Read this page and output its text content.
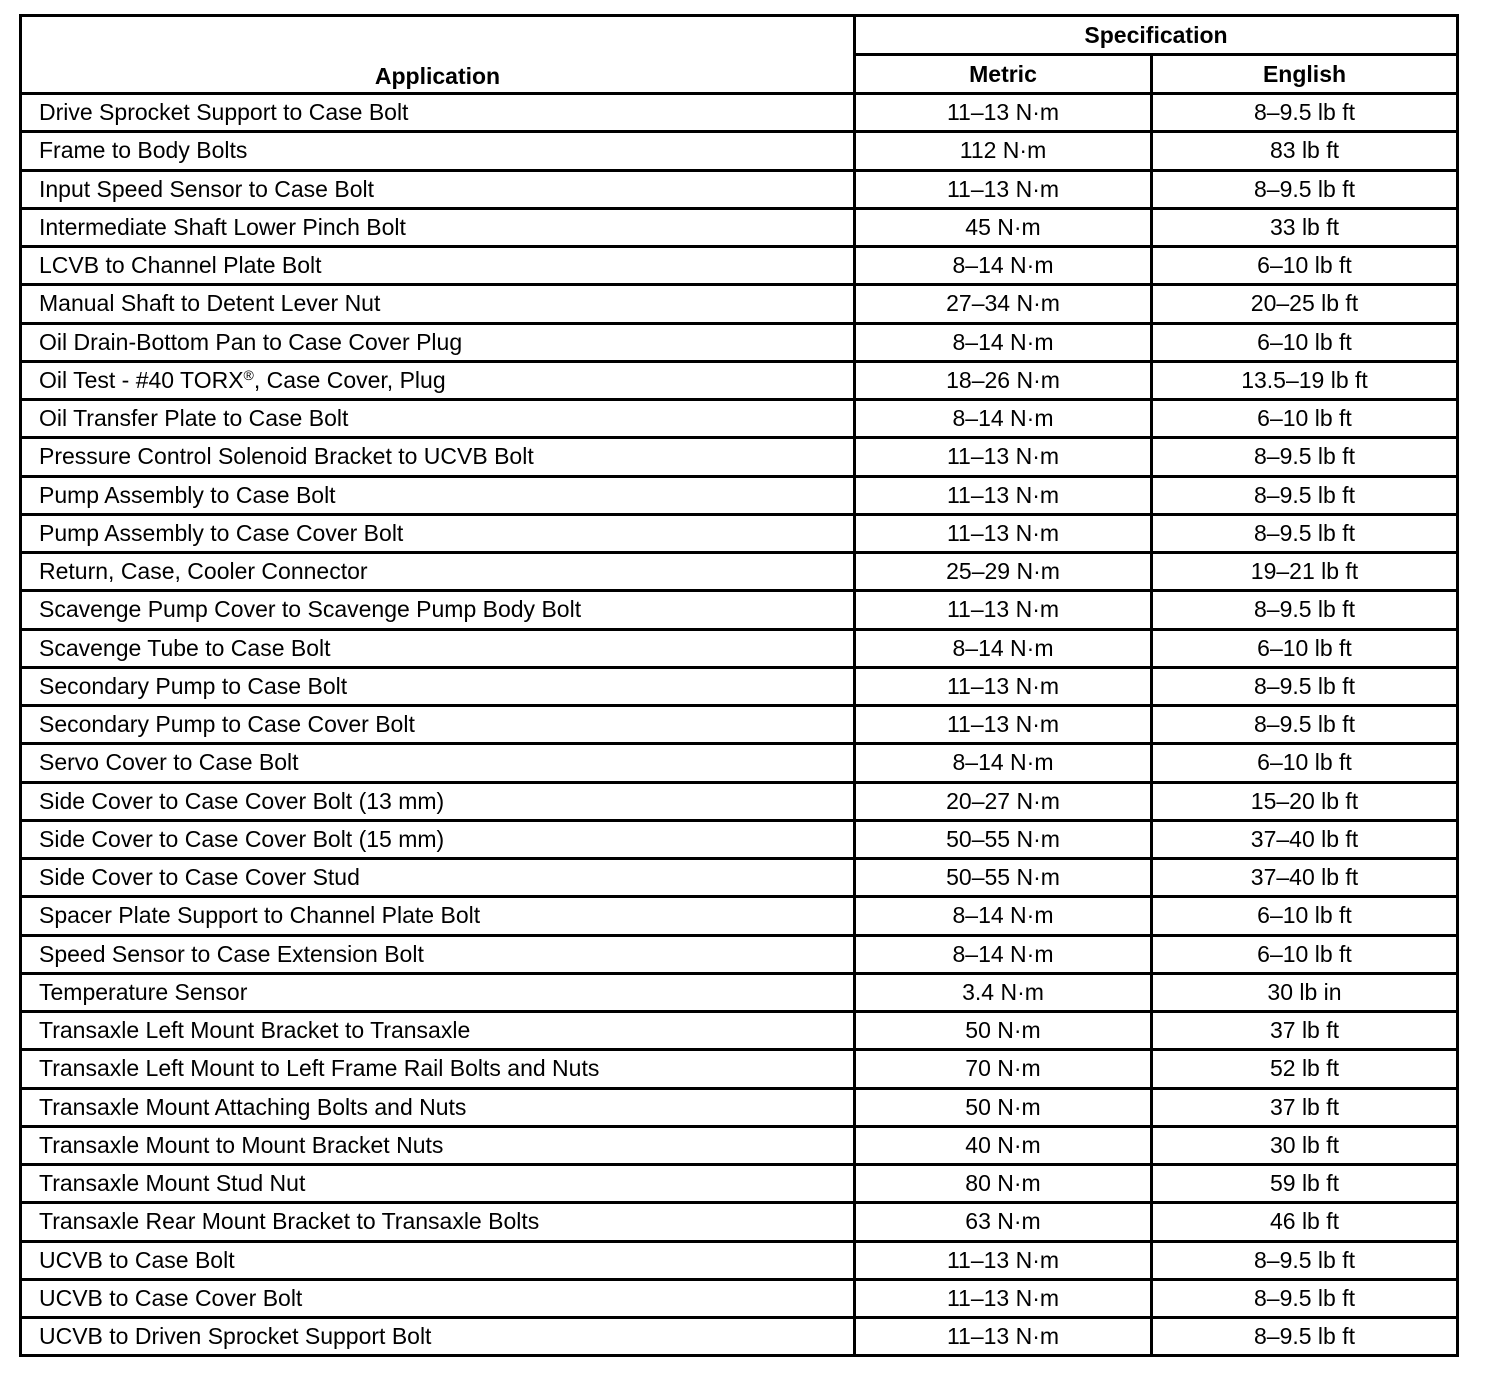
Application	Specification	
	Metric	English
Drive Sprocket Support to Case Bolt	11–13 N·m	8–9.5 lb ft
Frame to Body Bolts	112 N·m	83 lb ft
Input Speed Sensor to Case Bolt	11–13 N·m	8–9.5 lb ft
Intermediate Shaft Lower Pinch Bolt	45 N·m	33 lb ft
LCVB to Channel Plate Bolt	8–14 N·m	6–10 lb ft
Manual Shaft to Detent Lever Nut	27–34 N·m	20–25 lb ft
Oil Drain-Bottom Pan to Case Cover Plug	8–14 N·m	6–10 lb ft
Oil Test - #40 TORX®, Case Cover, Plug	18–26 N·m	13.5–19 lb ft
Oil Transfer Plate to Case Bolt	8–14 N·m	6–10 lb ft
Pressure Control Solenoid Bracket to UCVB Bolt	11–13 N·m	8–9.5 lb ft
Pump Assembly to Case Bolt	11–13 N·m	8–9.5 lb ft
Pump Assembly to Case Cover Bolt	11–13 N·m	8–9.5 lb ft
Return, Case, Cooler Connector	25–29 N·m	19–21 lb ft
Scavenge Pump Cover to Scavenge Pump Body Bolt	11–13 N·m	8–9.5 lb ft
Scavenge Tube to Case Bolt	8–14 N·m	6–10 lb ft
Secondary Pump to Case Bolt	11–13 N·m	8–9.5 lb ft
Secondary Pump to Case Cover Bolt	11–13 N·m	8–9.5 lb ft
Servo Cover to Case Bolt	8–14 N·m	6–10 lb ft
Side Cover to Case Cover Bolt (13 mm)	20–27 N·m	15–20 lb ft
Side Cover to Case Cover Bolt (15 mm)	50–55 N·m	37–40 lb ft
Side Cover to Case Cover Stud	50–55 N·m	37–40 lb ft
Spacer Plate Support to Channel Plate Bolt	8–14 N·m	6–10 lb ft
Speed Sensor to Case Extension Bolt	8–14 N·m	6–10 lb ft
Temperature Sensor	3.4 N·m	30 lb in
Transaxle Left Mount Bracket to Transaxle	50 N·m	37 lb ft
Transaxle Left Mount to Left Frame Rail Bolts and Nuts	70 N·m	52 lb ft
Transaxle Mount Attaching Bolts and Nuts	50 N·m	37 lb ft
Transaxle Mount to Mount Bracket Nuts	40 N·m	30 lb ft
Transaxle Mount Stud Nut	80 N·m	59 lb ft
Transaxle Rear Mount Bracket to Transaxle Bolts	63 N·m	46 lb ft
UCVB to Case Bolt	11–13 N·m	8–9.5 lb ft
UCVB to Case Cover Bolt	11–13 N·m	8–9.5 lb ft
UCVB to Driven Sprocket Support Bolt	11–13 N·m	8–9.5 lb ft
